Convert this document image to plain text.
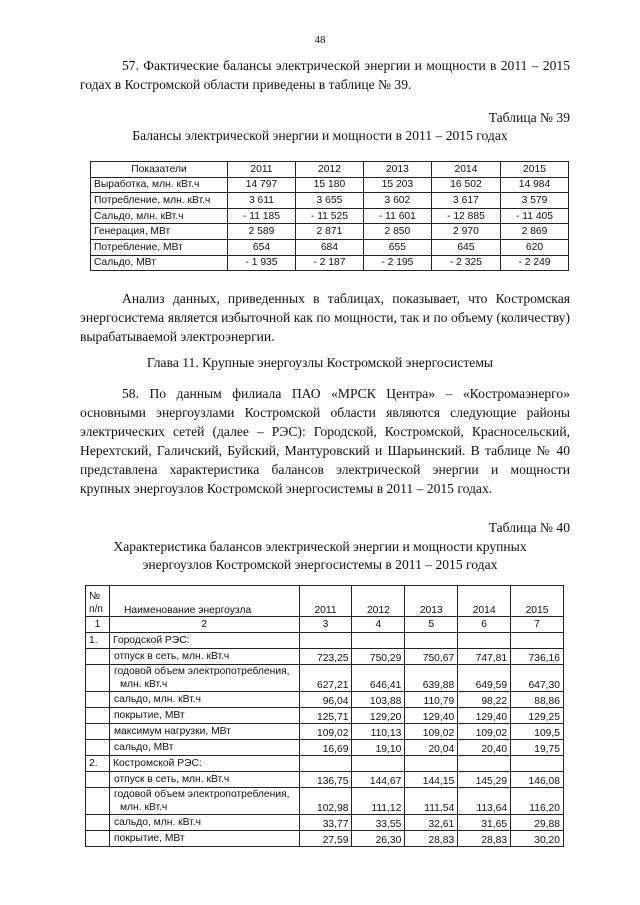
48
57. Фактические балансы электрической энергии и мощности в 2011 – 2015 годах в Костромской области приведены в таблице № 39.
Таблица № 39
Балансы электрической энергии и мощности в 2011 – 2015 годах
Показатели	2011	2012	2013	2014	2015
Выработка, млн. кВт.ч	14 797	15 180	15 203	16 502	14 984
Потребление, млн. кВт.ч	3 611	3 655	3 602	3 617	3 579
Сальдо, млн. кВт.ч	- 11 185	- 11 525	- 11 601	- 12 885	- 11 405
Генерация, МВт	2 589	2 871	2 850	2 970	2 869
Потребление, МВт	654	684	655	645	620
Сальдо, МВт	- 1 935	- 2 187	- 2 195	- 2 325	- 2 249
Анализ данных, приведенных в таблицах, показывает, что Костромская энергосистема является избыточной как по мощности, так и по объему (количеству) вырабатываемой электроэнергии.
Глава 11. Крупные энергоузлы Костромской энергосистемы
58. По данным филиала ПАО «МРСК Центра» – «Костромаэнерго» основными энергоузлами Костромской области являются следующие районы электрических сетей (далее – РЭС): Городской, Костромской, Красносельский, Нерехтский, Галичский, Буйский, Мантуровский и Шарьинский. В таблице № 40 представлена характеристика балансов электрической энергии и мощности крупных энергоузлов Костромской энергосистемы в 2011 – 2015 годах.
Таблица № 40
Характеристика балансов электрической энергии и мощности крупных
энергоузлов Костромской энергосистемы в 2011 – 2015 годах
№
п/п	Наименование энергоузла	2011	2012	2013	2014	2015
1	2	3	4	5	6	7
1.	Городской РЭС:					
	отпуск в сеть, млн. кВт.ч	723,25	750,29	750,67	747,81	736,16

	годовой объем электропотребления,
млн. кВт.ч	627,21	646,41	639,88	649,59	647,30
	сальдо, млн. кВт.ч	96,04	103,88	110,79	98,22	88,86
	покрытие, МВт	125,71	129,20	129,40	129,40	129,25
	максимум нагрузки, МВт	109,02	110,13	109,02	109,02	109,5
	сальдо, МВт	16,69	19,10	20,04	20,40	19,75
2.	Костромской РЭС:					
	отпуск в сеть, млн. кВт.ч	136,75	144,67	144,15	145,29	146,08

	годовой объем электропотребления,
млн. кВт.ч	102,98	111,12	111,54	113,64	116,20
	сальдо, млн. кВт.ч	33,77	33,55	32,61	31,65	29,88
	покрытие, МВт	27,59	26,30	28,83	28,83	30,20
